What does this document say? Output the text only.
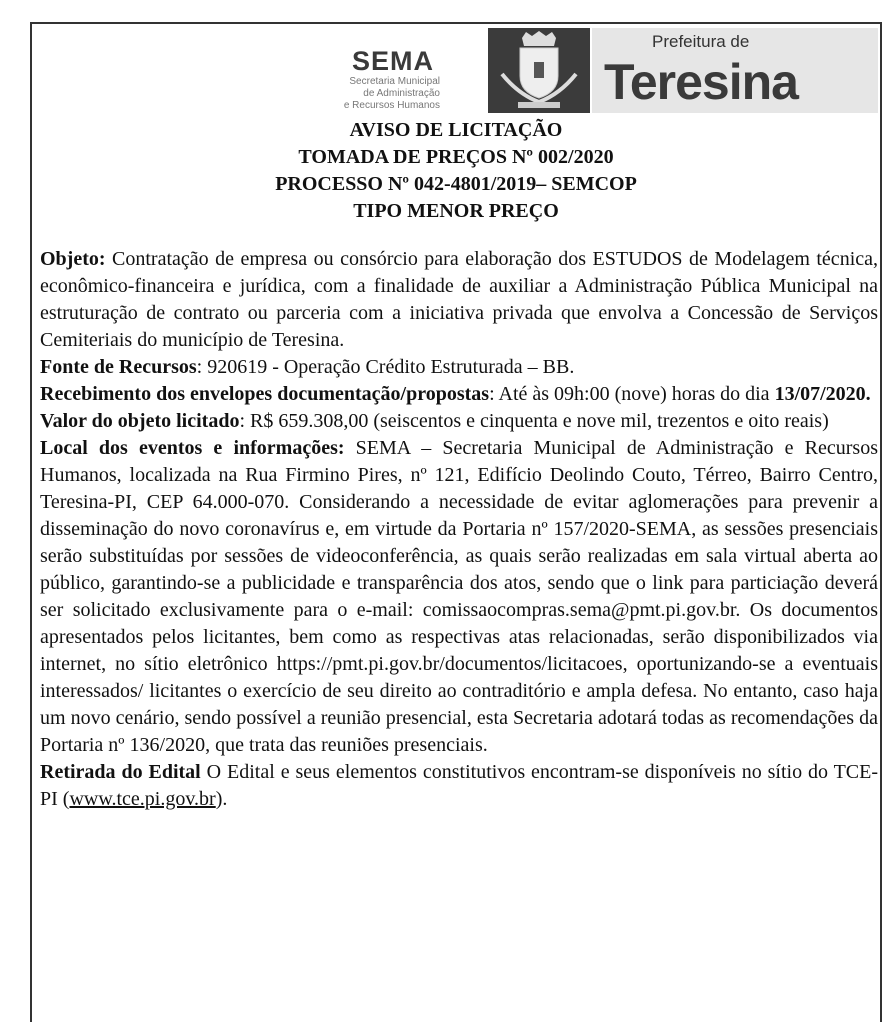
SEMA
Secretaria Municipal
de Administração
e Recursos Humanos
Prefeitura de
Teresina
AVISO DE LICITAÇÃO
TOMADA DE PREÇOS Nº 002/2020
PROCESSO Nº 042-4801/2019– SEMCOP
TIPO MENOR PREÇO

Objeto: Contratação de empresa ou consórcio para elaboração dos ESTUDOS de Modelagem técnica, econômico-financeira e jurídica, com a finalidade de auxiliar a Administração Pública Municipal na estruturação de contrato ou parceria com a iniciativa privada que envolva a Concessão de Serviços Cemiteriais do município de Teresina.

Fonte de Recursos: 920619 - Operação Crédito Estruturada – BB.

Recebimento dos envelopes documentação/propostas: Até às 09h:00 (nove) horas do dia 13/07/2020.

Valor do objeto licitado: R$ 659.308,00 (seiscentos e cinquenta e nove mil, trezentos e oito reais)

Local dos eventos e informações: SEMA – Secretaria Municipal de Administração e Recursos Humanos, localizada na Rua Firmino Pires, nº 121, Edifício Deolindo Couto, Térreo, Bairro Centro, Teresina-PI, CEP 64.000-070. Considerando a necessidade de evitar aglomerações para prevenir a disseminação do novo coronavírus e, em virtude da Portaria nº 157/2020-SEMA, as sessões presenciais serão substituídas por sessões de videoconferência, as quais serão realizadas em sala virtual aberta ao público, garantindo-se a publicidade e transparência dos atos, sendo que o link para particiação deverá ser solicitado exclusivamente para o e-mail: comissaocompras.sema@pmt.pi.gov.br. Os documentos apresentados pelos licitantes, bem como as respectivas atas relacionadas, serão disponibilizados via internet, no sítio eletrônico https://pmt.pi.gov.br/documentos/licitacoes, oportunizando-se a eventuais interessados/ licitantes o exercício de seu direito ao contraditório e ampla defesa. No entanto, caso haja um novo cenário, sendo possível a reunião presencial, esta Secretaria adotará todas as recomendações da Portaria nº 136/2020, que trata das reuniões presenciais.

Retirada do Edital O Edital e seus elementos constitutivos encontram-se disponíveis no sítio do TCE-PI (www.tce.pi.gov.br).
